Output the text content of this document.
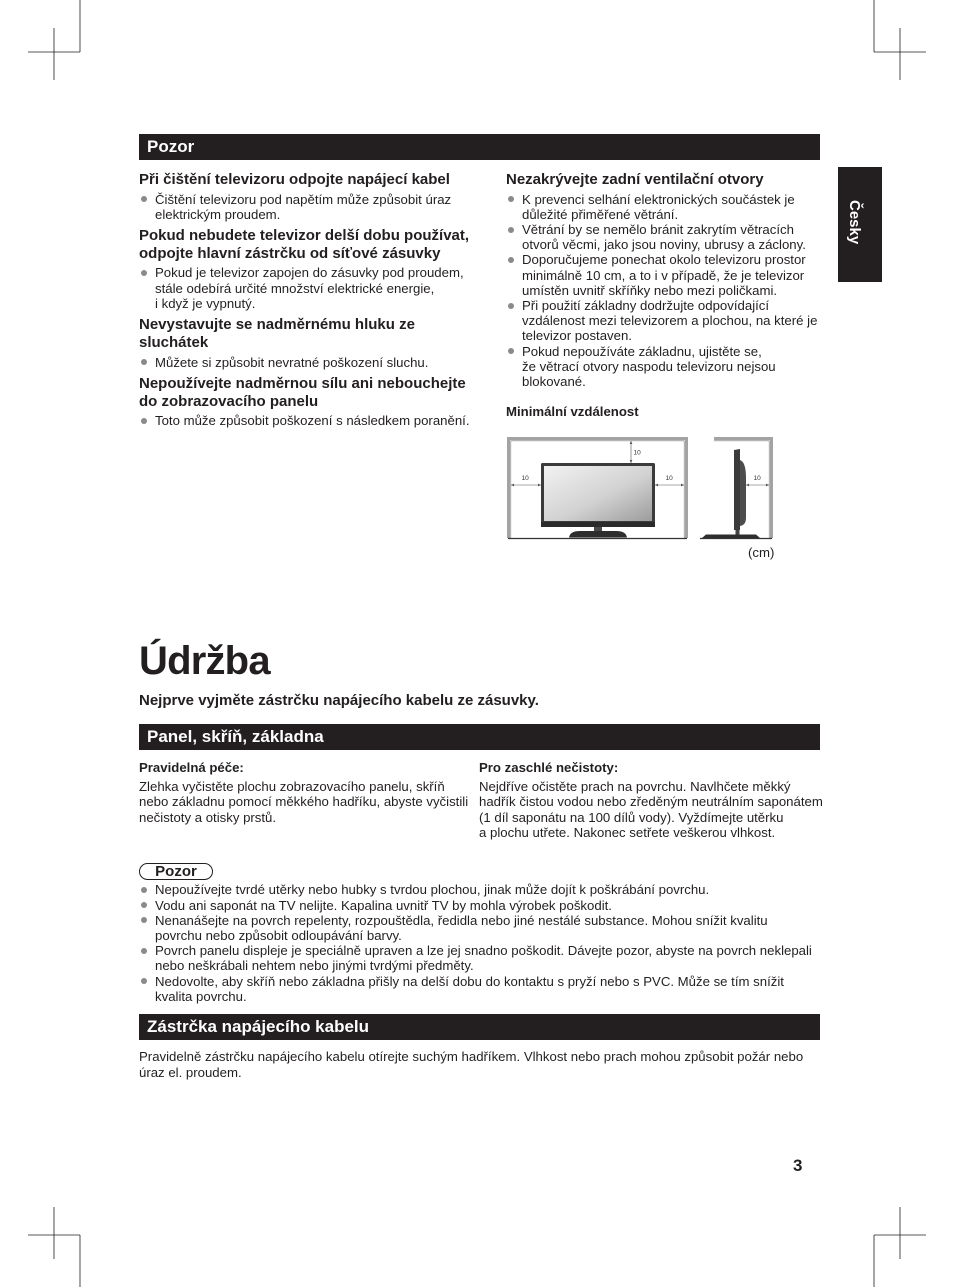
Česky
Pozor
Při čištění televizoru odpojte napájecí kabel
Čištění televizoru pod napětím může způsobit úraz
elektrickým proudem.
Pokud nebudete televizor delší dobu používat,
odpojte hlavní zástrčku od síťové zásuvky
Pokud je televizor zapojen do zásuvky pod proudem,
stále odebírá určité množství elektrické energie,
i když je vypnutý.
Nevystavujte se nadměrnému hluku ze
sluchátek
Můžete si způsobit nevratné poškození sluchu.
Nepoužívejte nadměrnou sílu ani nebouchejte
do zobrazovacího panelu
Toto může způsobit poškození s následkem poranění.
Nezakrývejte zadní ventilační otvory
K prevenci selhání elektronických součástek je
důležité přiměřené větrání.
Větrání by se nemělo bránit zakrytím větracích
otvorů věcmi, jako jsou noviny, ubrusy a záclony.
Doporučujeme ponechat okolo televizoru prostor
minimálně 10 cm, a to i v případě, že je televizor
umístěn uvnitř skříňky nebo mezi poličkami.
Při použití základny dodržujte odpovídající
vzdálenost mezi televizorem a plochou, na které je
televizor postaven.
Pokud nepoužíváte základnu, ujistěte se,
že větrací otvory naspodu televizoru nejsou
blokované.
Minimální vzdálenost
10
10	10	10
(cm)
Údržba
Nejprve vyjměte zástrčku napájecího kabelu ze zásuvky.
Panel, skříň, základna
Pravidelná péče:
Zlehka vyčistěte plochu zobrazovacího panelu, skříň
nebo základnu pomocí měkkého hadříku, abyste vyčistili
nečistoty a otisky prstů.
Pro zaschlé nečistoty:
Nejdříve očistěte prach na povrchu. Navlhčete měkký
hadřík čistou vodou nebo zředěným neutrálním saponátem
(1 díl saponátu na 100 dílů vody). Vyždímejte utěrku
a plochu utřete. Nakonec setřete veškerou vlhkost.
Pozor
Nepoužívejte tvrdé utěrky nebo hubky s tvrdou plochou, jinak může dojít k poškrábání povrchu.
Vodu ani saponát na TV nelijte. Kapalina uvnitř TV by mohla výrobek poškodit.
Nenanášejte na povrch repelenty, rozpouštědla, ředidla nebo jiné nestálé substance. Mohou snížit kvalitu
povrchu nebo způsobit odloupávání barvy.
Povrch panelu displeje je speciálně upraven a lze jej snadno poškodit. Dávejte pozor, abyste na povrch neklepali
nebo neškrábali nehtem nebo jinými tvrdými předměty.
Nedovolte, aby skříň nebo základna přišly na delší dobu do kontaktu s pryží nebo s PVC. Může se tím snížit
kvalita povrchu.
Zástrčka napájecího kabelu
Pravidelně zástrčku napájecího kabelu otírejte suchým hadříkem. Vlhkost nebo prach mohou způsobit požár nebo
úraz el. proudem.
3
